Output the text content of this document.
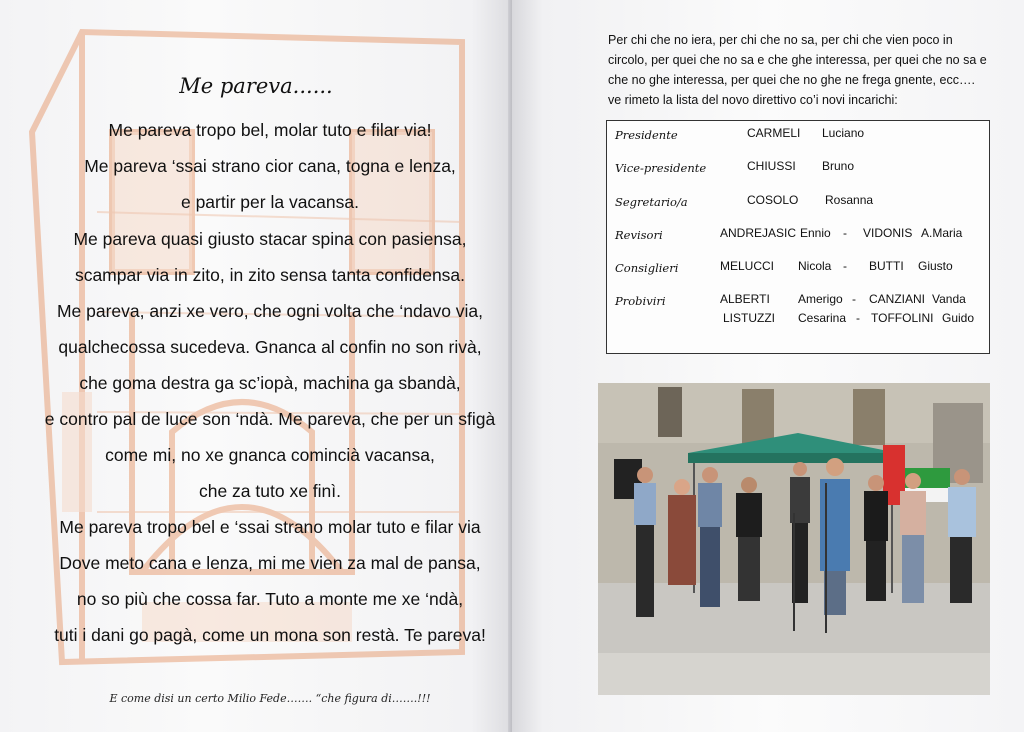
Me pareva......
Me pareva tropo bel, molar tuto e filar via!
Me pareva ‘ssai strano cior cana, togna e lenza,
e partir per la vacansa.
Me pareva quasi giusto stacar spina con pasiensa,
scampar via in zito, in zito sensa tanta confidensa.
Me pareva, anzi xe vero, che ogni volta che ‘ndavo via,
qualchecossa sucedeva. Gnanca al confin no son rivà,
che goma destra ga sc’iopà, machina ga sbandà,
e contro pal de luce son ‘ndà. Me pareva, che per un sfigà
come mi, no xe gnanca comincià vacansa,
che za tuto xe finì.
Me pareva tropo bel e ‘ssai strano molar tuto e filar via
Dove meto cana e lenza, mi me vien za mal de pansa,
no so più che cossa far. Tuto a monte me xe ‘ndà,
tuti i dani go pagà, come un mona son restà. Te pareva!
E come disi un certo Milio Fede……. “che figura di…….!!!
Per chi che no iera, per chi che no sa, per chi che vien poco in circolo, per quei che no sa e che ghe interessa, per quei che no sa e che no ghe interessa, per quei che no ghe ne frega gnente, ecc…. ve rimeto la lista del novo direttivo co’i novi incarichi:
Presidente	CARMELI Luciano
Vice-presidente	CHIUSSI Bruno
Segretario/a	COSOLO Rosanna
Revisori	ANDREJASIC Ennio - VIDONIS A.Maria
Consiglieri	MELUCCI Nicola - BUTTI Giusto
Probiviri	ALBERTI Amerigo - CANZIANI Vanda
LISTUZZI Cesarina - TOFFOLINI Guido
